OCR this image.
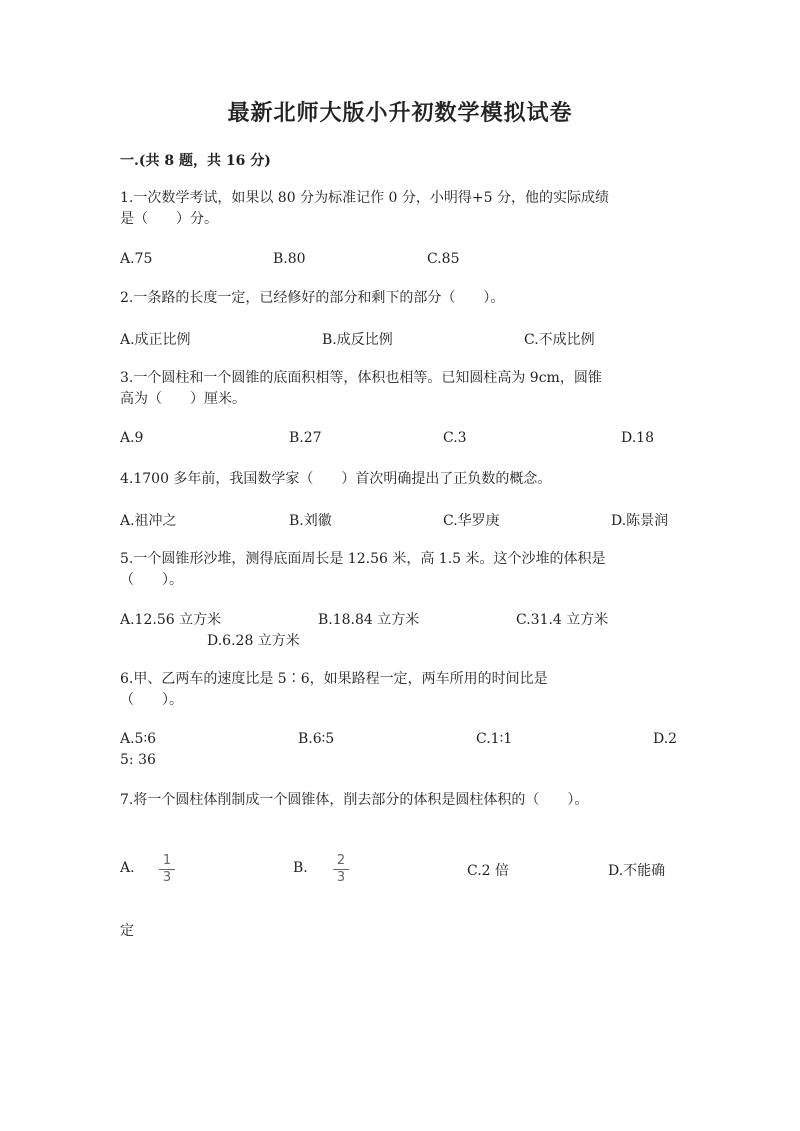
最新北师大版小升初数学模拟试卷
一.(共 8 题，共 16 分)
1.一次数学考试，如果以 80 分为标准记作 0 分，小明得+5 分，他的实际成绩
是（　　）分。
A.75	B.80	C.85
2.一条路的长度一定，已经修好的部分和剩下的部分（　　）。
A.成正比例	B.成反比例	C.不成比例
3.一个圆柱和一个圆锥的底面积相等，体积也相等。已知圆柱高为 9cm，圆锥
高为（　　）厘米。
A.9	B.27	C.3	D.18
4.1700 多年前，我国数学家（　　）首次明确提出了正负数的概念。
A.祖冲之	B.刘徽	C.华罗庚	D.陈景润
5.一个圆锥形沙堆，测得底面周长是 12.56 米，高 1.5 米。这个沙堆的体积是
（　　）。
A.12.56 立方米	B.18.84 立方米	C.31.4 立方米
D.6.28 立方米
6.甲、乙两车的速度比是 5∶6，如果路程一定，两车所用的时间比是
（　　）。
A.5∶6	B.6∶5	C.1∶1	D.2
5: 36
7.将一个圆柱体削制成一个圆锥体，削去部分的体积是圆柱体积的（　　）。
A. 1
3
B. 2
3	C.2 倍	D.不能确
定
